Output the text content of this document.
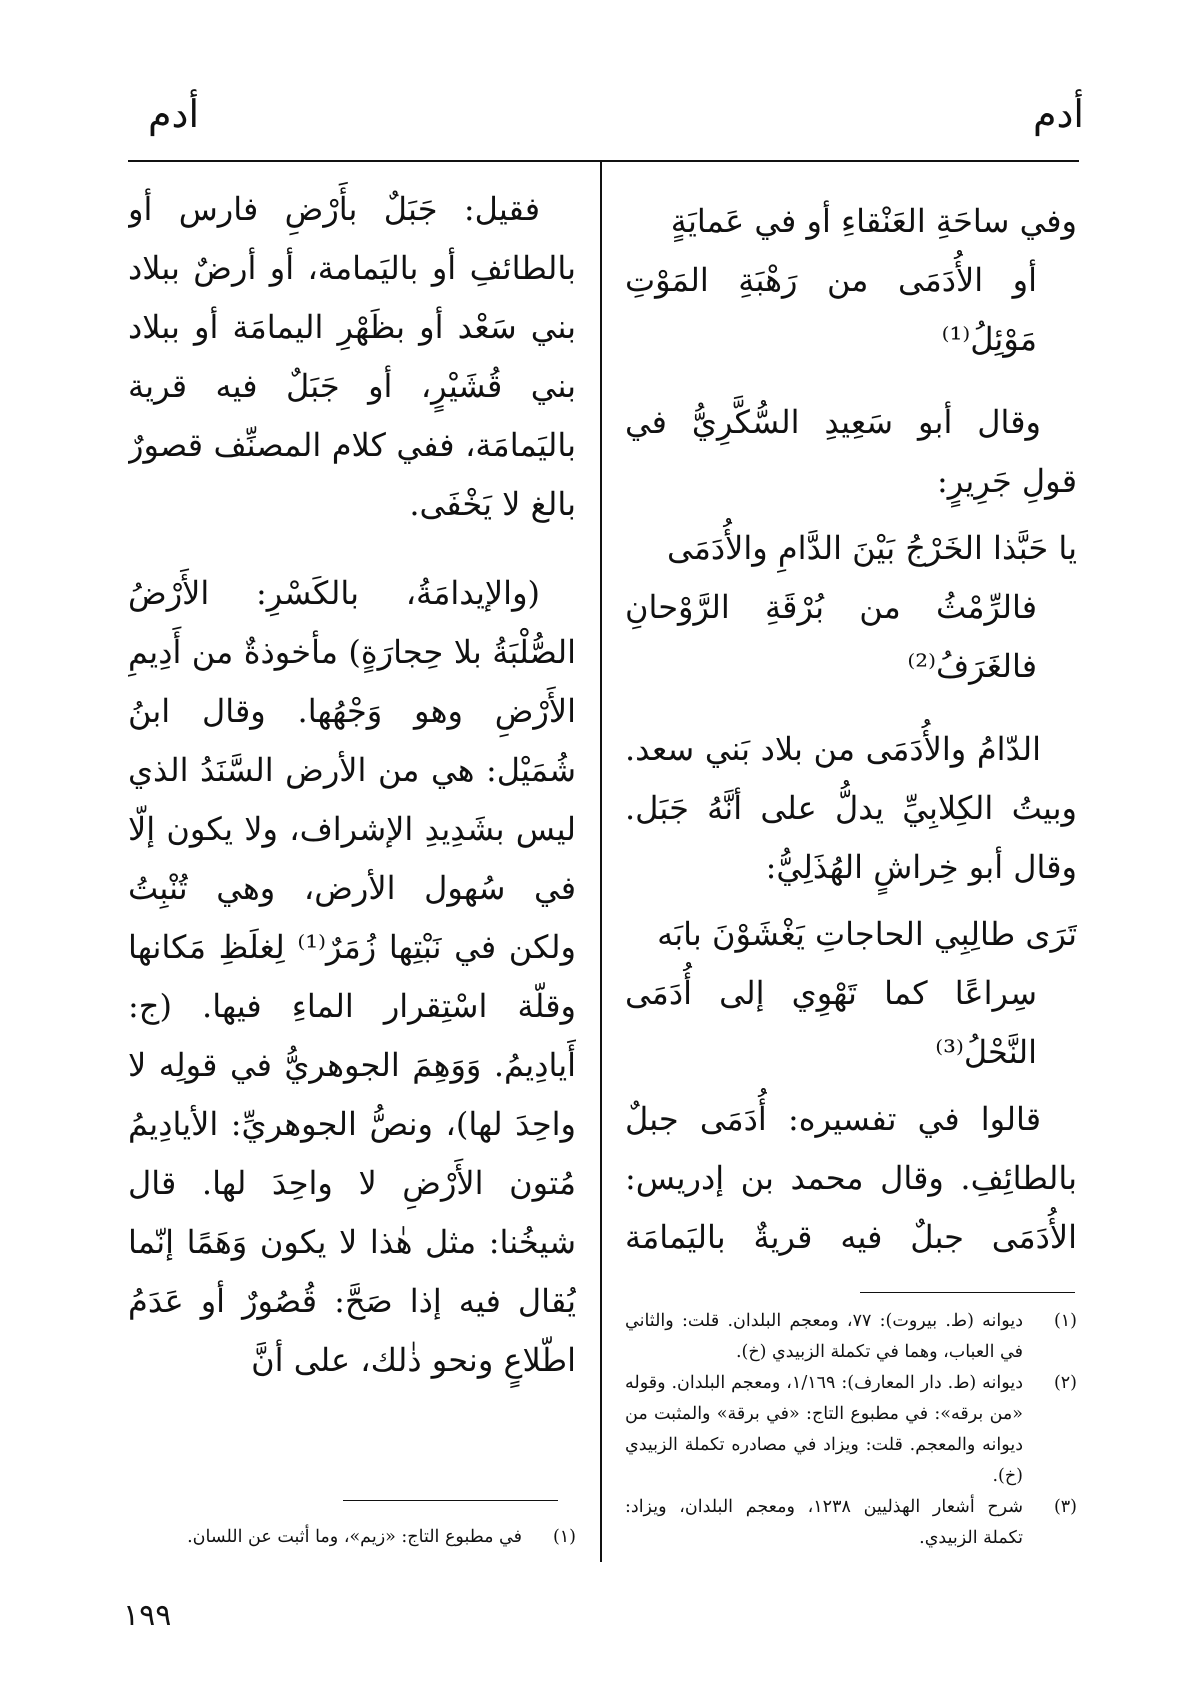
أدم
أدم

وفي ساحَةِ العَنْقاءِ أو في عَمايَةٍ

أو الأُدَمَى من رَهْبَةِ المَوْتِ مَوْئِلُ⁽¹⁾

وقال أبو سَعِيدِ السُّكَّرِيُّ في قولِ جَرِيرٍ:

يا حَبَّذا الخَرْجُ بَيْنَ الدَّامِ والأُدَمَى

فالرِّمْثُ من بُرْقَةِ الرَّوْحانِ فالغَرَفُ⁽²⁾

الدّامُ والأُدَمَى من بلاد بَني سعد. وبيتُ الكِلابِيِّ يدلُّ على أنَّهُ جَبَل. وقال أبو خِراشٍ الهُذَلِيُّ:

تَرَى طالِبِي الحاجاتِ يَغْشَوْنَ بابَه

سِراعًا كما تَهْوِي إلى أُدَمَى النَّحْلُ⁽³⁾

قالوا في تفسيره: أُدَمَى جبلٌ بالطائِفِ. وقال محمد بن إدريس: الأُدَمَى جبلٌ فيه قريةٌ باليَمامَة

(١)
ديوانه (ط. بيروت): ٧٧، ومعجم البلدان. قلت: والثاني في العباب، وهما في تكملة الزبيدي (خ).
(٢)
ديوانه (ط. دار المعارف): ١/١٦٩، ومعجم البلدان. وقوله «من برقه»: في مطبوع التاج: «في برقة» والمثبت من ديوانه والمعجم. قلت: ويزاد في مصادره تكملة الزبيدي (خ).
(٣)
شرح أشعار الهذليين ١٢٣٨، ومعجم البلدان، ويزاد: تكملة الزبيدي.

فقيل: جَبَلٌ بأَرْضِ فارس أو بالطائفِ أو باليَمامة، أو أرضٌ ببلاد بني سَعْد أو بظَهْرِ اليمامَة أو ببلاد بني قُشَيْرٍ، أو جَبَلٌ فيه قرية باليَمامَة، ففي كلام المصنِّف قصورٌ بالغ لا يَخْفَى.

(والإيدامَةُ، بالكَسْرِ: الأَرْضُ الصُّلْبَةُ بلا حِجارَةٍ) مأخوذةٌ من أَدِيمِ الأَرْضِ وهو وَجْهُها. وقال ابنُ شُمَيْل: هي من الأرض السَّنَدُ الذي ليس بشَدِيدِ الإشراف، ولا يكون إلّا في سُهول الأرض، وهي تُنْبِتُ ولكن في نَبْتِها زُمَرٌ⁽¹⁾ لِغلَظِ مَكانها وقلّة اسْتِقرار الماءِ فيها. (ج: أَيادِيمُ. وَوَهِمَ الجوهريُّ في قولِه لا واحِدَ لها)، ونصُّ الجوهريِّ: الأيادِيمُ مُتون الأَرْضِ لا واحِدَ لها. قال شيخُنا: مثل هٰذا لا يكون وَهَمًا إنّما يُقال فيه إذا صَحَّ: قُصُورٌ أو عَدَمُ اطّلاعٍ ونحو ذٰلك، على أنَّ

(١)
في مطبوع التاج: «زيم»، وما أثبت عن اللسان.
١٩٩
